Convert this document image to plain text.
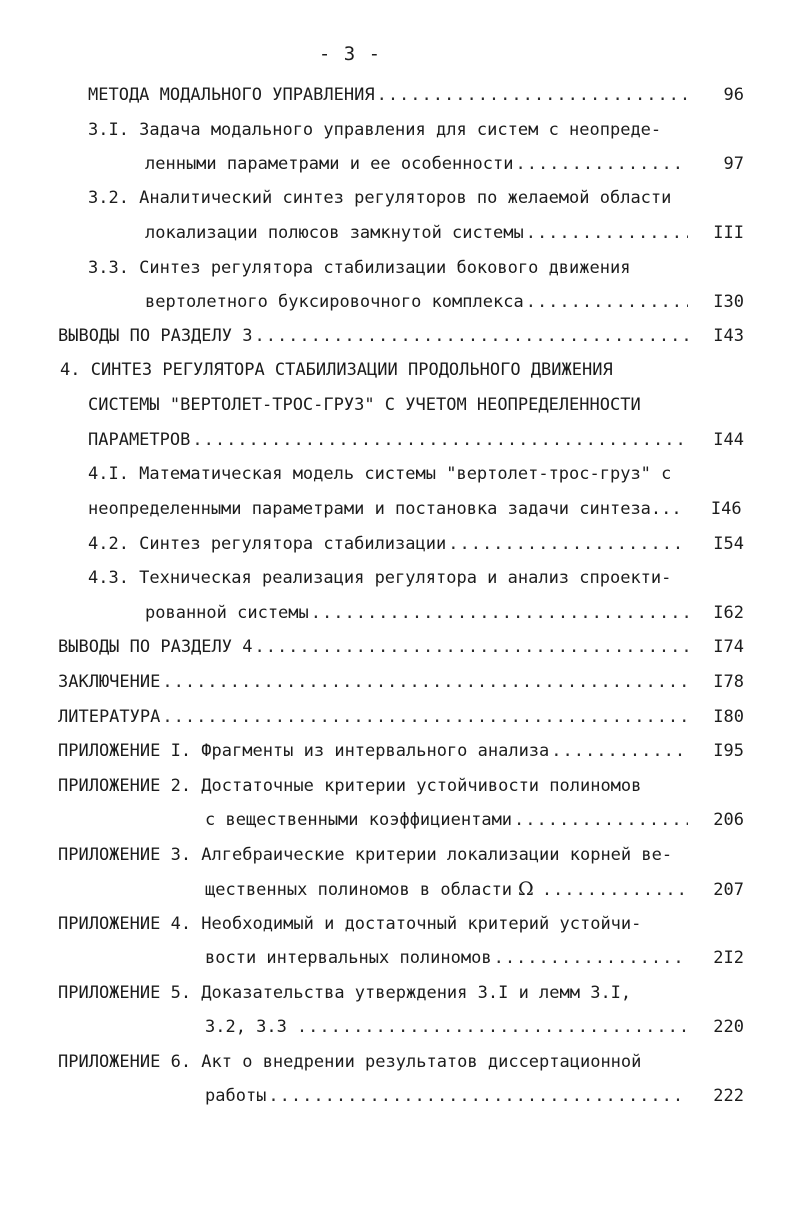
- 3 -
МЕТОДА МОДАЛЬНОГО УПРАВЛЕНИЯ .....	96
3.I. Задача модального управления для систем с неопреде-
ленными параметрами и ее особенности .....	97
3.2. Аналитический синтез регуляторов по желаемой области
локализации полюсов замкнутой системы .....	III
3.3. Синтез регулятора стабилизации бокового движения
вертолетного буксировочного комплекса .....	I30
ВЫВОДЫ ПО РАЗДЕЛУ 3 .....	I43
4. СИНТЕЗ РЕГУЛЯТОРА СТАБИЛИЗАЦИИ ПРОДОЛЬНОГО ДВИЖЕНИЯ
СИСТЕМЫ "ВЕРТОЛЕТ-ТРОС-ГРУЗ" С УЧЕТОМ НЕОПРЕДЕЛЕННОСТИ
ПАРАМЕТРОВ .....	I44
4.I. Математическая модель системы "вертолет-трос-груз" с
неопределенными параметрами и постановка задачи синтеза...	I46
4.2. Синтез регулятора стабилизации .....	I54
4.3. Техническая реализация регулятора и анализ спроекти-
рованной системы .....	I62
ВЫВОДЫ ПО РАЗДЕЛУ 4 .....	I74
ЗАКЛЮЧЕНИЕ .....	I78
ЛИТЕРАТУРА .....	I80
ПРИЛОЖЕНИЕ I. Фрагменты из интервального анализа .....	I95
ПРИЛОЖЕНИЕ 2. Достаточные критерии устойчивости полиномов
с вещественными коэффициентами .....	206
ПРИЛОЖЕНИЕ 3. Алгебраические критерии локализации корней ве-
щественных полиномов в области Ω .....	207
ПРИЛОЖЕНИЕ 4. Необходимый и достаточный критерий устойчи-
вости интервальных полиномов .....	2I2
ПРИЛОЖЕНИЕ 5. Доказательства утверждения 3.I и лемм 3.I,
3.2, 3.3 .....	220
ПРИЛОЖЕНИЕ 6. Акт о внедрении результатов диссертационной
работы .....	222
